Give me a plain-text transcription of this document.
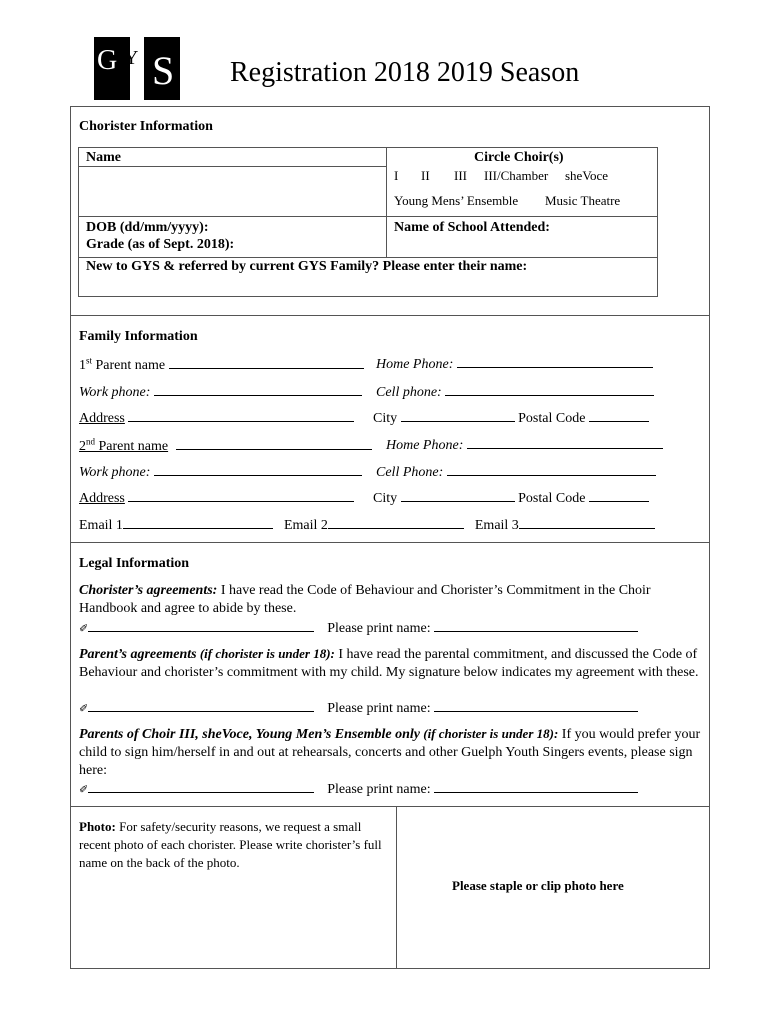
G Y S Registration 2018 2019 Season
Chorister Information
Name	Circle Choir(s)
I II III III/Chamber sheVoce
Young Mens’ Ensemble Music Theatre
DOB (dd/mm/yyyy):
Grade (as of Sept. 2018):
Name of School Attended:
New to GYS & referred by current GYS Family? Please enter their name:
Family Information
1st Parent name	Home Phone:
Work phone:	Cell phone:
Address	City	Postal Code
2nd Parent name	Home Phone:
Work phone:	Cell Phone:
Address	City	Postal Code
Email 1	Email 2	Email 3
Legal Information

Chorister’s agreements: I have read the Code of Behaviour and Chorister’s Commitment in the Choir Handbook and agree to abide by these.

✐	Please print name:

Parent’s agreements (if chorister is under 18): I have read the parental commitment, and discussed the Code of Behaviour and chorister’s commitment with my child. My signature below indicates my agreement with these.

✐	Please print name:

Parents of Choir III, sheVoce, Young Men’s Ensemble only (if chorister is under 18): If you would prefer your child to sign him/herself in and out at rehearsals, concerts and other Guelph Youth Singers events, please sign here:

✐	Please print name:

Photo: For safety/security reasons, we request a small recent photo of each chorister. Please write chorister’s full name on the back of the photo.

Please staple or clip photo here
